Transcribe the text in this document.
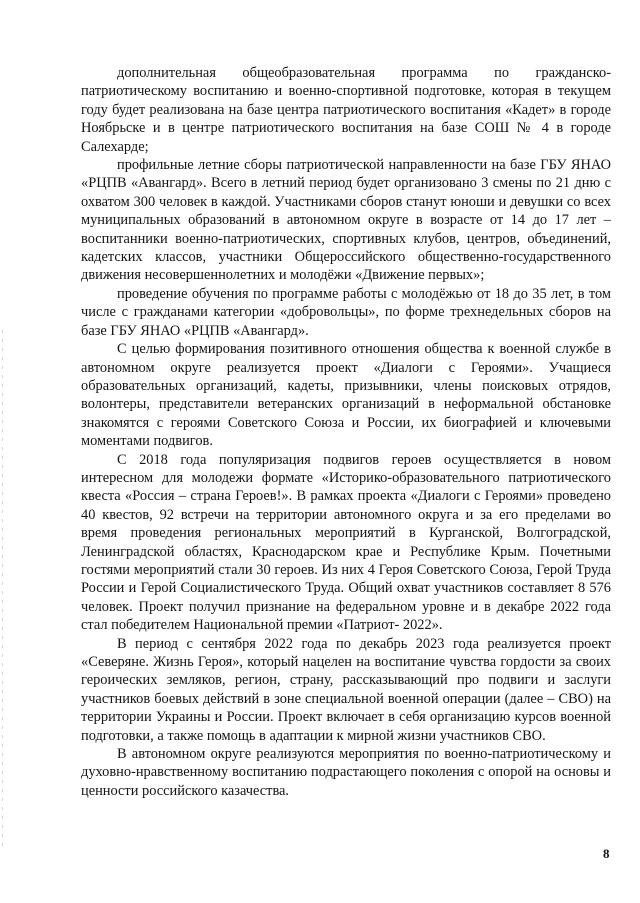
дополнительная общеобразовательная программа по гражданско-патриотическому воспитанию и военно-спортивной подготовке, которая в текущем году будет реализована на базе центра патриотического воспитания «Кадет» в городе Ноябрьске и в центре патриотического воспитания на базе СОШ № 4 в городе Салехарде;

профильные летние сборы патриотической направленности на базе ГБУ ЯНАО «РЦПВ «Авангард». Всего в летний период будет организовано 3 смены по 21 дню с охватом 300 человек в каждой. Участниками сборов станут юноши и девушки со всех муниципальных образований в автономном округе в возрасте от 14 до 17 лет – воспитанники военно-патриотических, спортивных клубов, центров, объединений, кадетских классов, участники Общероссийского общественно-государственного движения несовершеннолетних и молодёжи «Движение первых»;

проведение обучения по программе работы с молодёжью от 18 до 35 лет, в том числе с гражданами категории «добровольцы», по форме трехнедельных сборов на базе ГБУ ЯНАО «РЦПВ «Авангард».

С целью формирования позитивного отношения общества к военной службе в автономном округе реализуется проект «Диалоги с Героями». Учащиеся образовательных организаций, кадеты, призывники, члены поисковых отрядов, волонтеры, представители ветеранских организаций в неформальной обстановке знакомятся с героями Советского Союза и России, их биографией и ключевыми моментами подвигов.

С 2018 года популяризация подвигов героев осуществляется в новом интересном для молодежи формате «Историко-образовательного патриотического квеста «Россия – страна Героев!». В рамках проекта «Диалоги с Героями» проведено 40 квестов, 92 встречи на территории автономного округа и за его пределами во время проведения региональных мероприятий в Курганской, Волгоградской, Ленинградской областях, Краснодарском крае и Республике Крым. Почетными гостями мероприятий стали 30 героев. Из них 4 Героя Советского Союза, Герой Труда России и Герой Социалистического Труда. Общий охват участников составляет 8 576 человек. Проект получил признание на федеральном уровне и в декабре 2022 года стал победителем Национальной премии «Патриот- 2022».

В период с сентября 2022 года по декабрь 2023 года реализуется проект «Северяне. Жизнь Героя», который нацелен на воспитание чувства гордости за своих героических земляков, регион, страну, рассказывающий про подвиги и заслуги участников боевых действий в зоне специальной военной операции (далее – СВО) на территории Украины и России. Проект включает в себя организацию курсов военной подготовки, а также помощь в адаптации к мирной жизни участников СВО.

В автономном округе реализуются мероприятия по военно-патриотическому и духовно-нравственному воспитанию подрастающего поколения с опорой на основы и ценности российского казачества.

8
